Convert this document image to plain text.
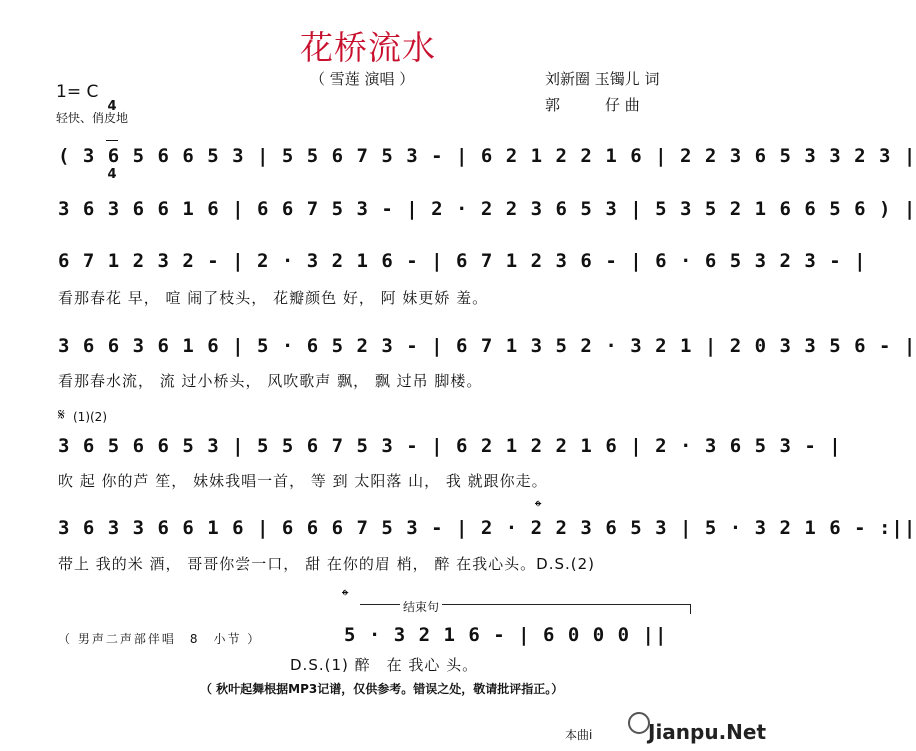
花桥流水
（ 雪莲 演唱 ）	刘新圈 玉镯儿 词
郭　　　仔 曲
1= C

4

4

轻快、俏皮地
( 3 6 5 6 6 5 3 | 5 5 6 7 5 3 - | 6 2 1 2 2 1 6 | 2 2 3 6 5 3 3 2 3 |
3 6 3 6 6 1 6 | 6 6 7 5 3 - | 2 · 2 2 3 6 5 3 | 5 3 5 2 1 6 6 5 6 ) |
6 7 1 2 3 2 - | 2 · 3 2 1 6 - | 6 7 1 2 3 6 - | 6 · 6 5 3 2 3 - |
看那春花 早， 喧 闹了枝头， 花瓣颜色 好， 阿 妹更娇 羞。
3 6 6 3 6 1 6 | 5 · 6 5 2 3 - | 6 7 1 3 5 2 · 3 2 1 | 2 0 3 3 5 6 - |
看那春水流， 流 过小桥头， 风吹歌声 飘， 飘 过吊 脚楼。
𝄋 (1)(2)
3 6 5 6 6 5 3 | 5 5 6 7 5 3 - | 6 2 1 2 2 1 6 | 2 · 3 6 5 3 - |
吹 起 你的芦 笙， 妹妹我唱一首， 等 到 太阳落 山， 我 就跟你走。
𝄌
3 6 3 3 6 6 1 6 | 6 6 6 7 5 3 - | 2 · 2 2 3 6 5 3 | 5 · 3 2 1 6 - :||
带上 我的米 酒， 哥哥你尝一口， 甜 在你的眉 梢， 醉 在我心头。D.S.(2)
𝄌	结束句
（ 男声二声部伴唱　8　小节 ）	5 · 3 2 1 6 - | 6 0 0 0 ||
D.S.(1) 醉　在 我心 头。
（ 秋叶起舞根据MP3记谱，仅供参考。错误之处，敬请批评指正。）
本曲i	Jianpu.Net
